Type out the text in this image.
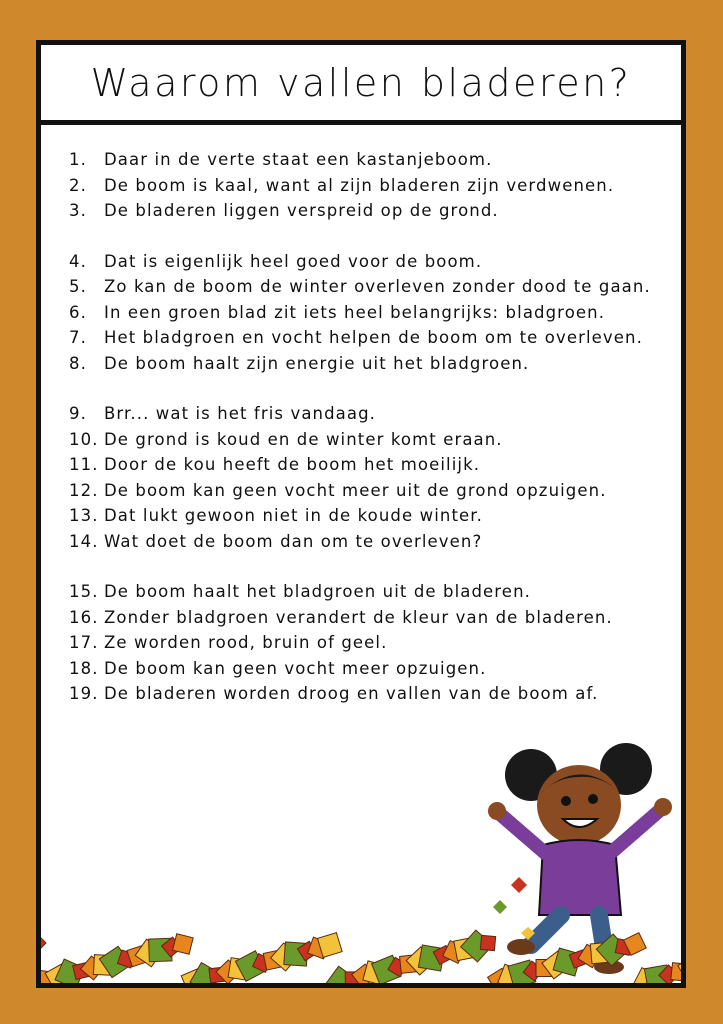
Waarom vallen bladeren?
1. Daar in de verte staat een kastanjeboom.
2. De boom is kaal, want al zijn bladeren zijn verdwenen.
3. De bladeren liggen verspreid op de grond.
4. Dat is eigenlijk heel goed voor de boom.
5. Zo kan de boom de winter overleven zonder dood te gaan.
6. In een groen blad zit iets heel belangrijks: bladgroen.
7. Het bladgroen en vocht helpen de boom om te overleven.
8. De boom haalt zijn energie uit het bladgroen.
9. Brr... wat is het fris vandaag.
10. De grond is koud en de winter komt eraan.
11. Door de kou heeft de boom het moeilijk.
12. De boom kan geen vocht meer uit de grond opzuigen.
13. Dat lukt gewoon niet in de koude winter.
14. Wat doet de boom dan om te overleven?
15. De boom haalt het bladgroen uit de bladeren.
16. Zonder bladgroen verandert de kleur van de bladeren.
17. Ze worden rood, bruin of geel.
18. De boom kan geen vocht meer opzuigen.
19. De bladeren worden droog en vallen van de boom af.
